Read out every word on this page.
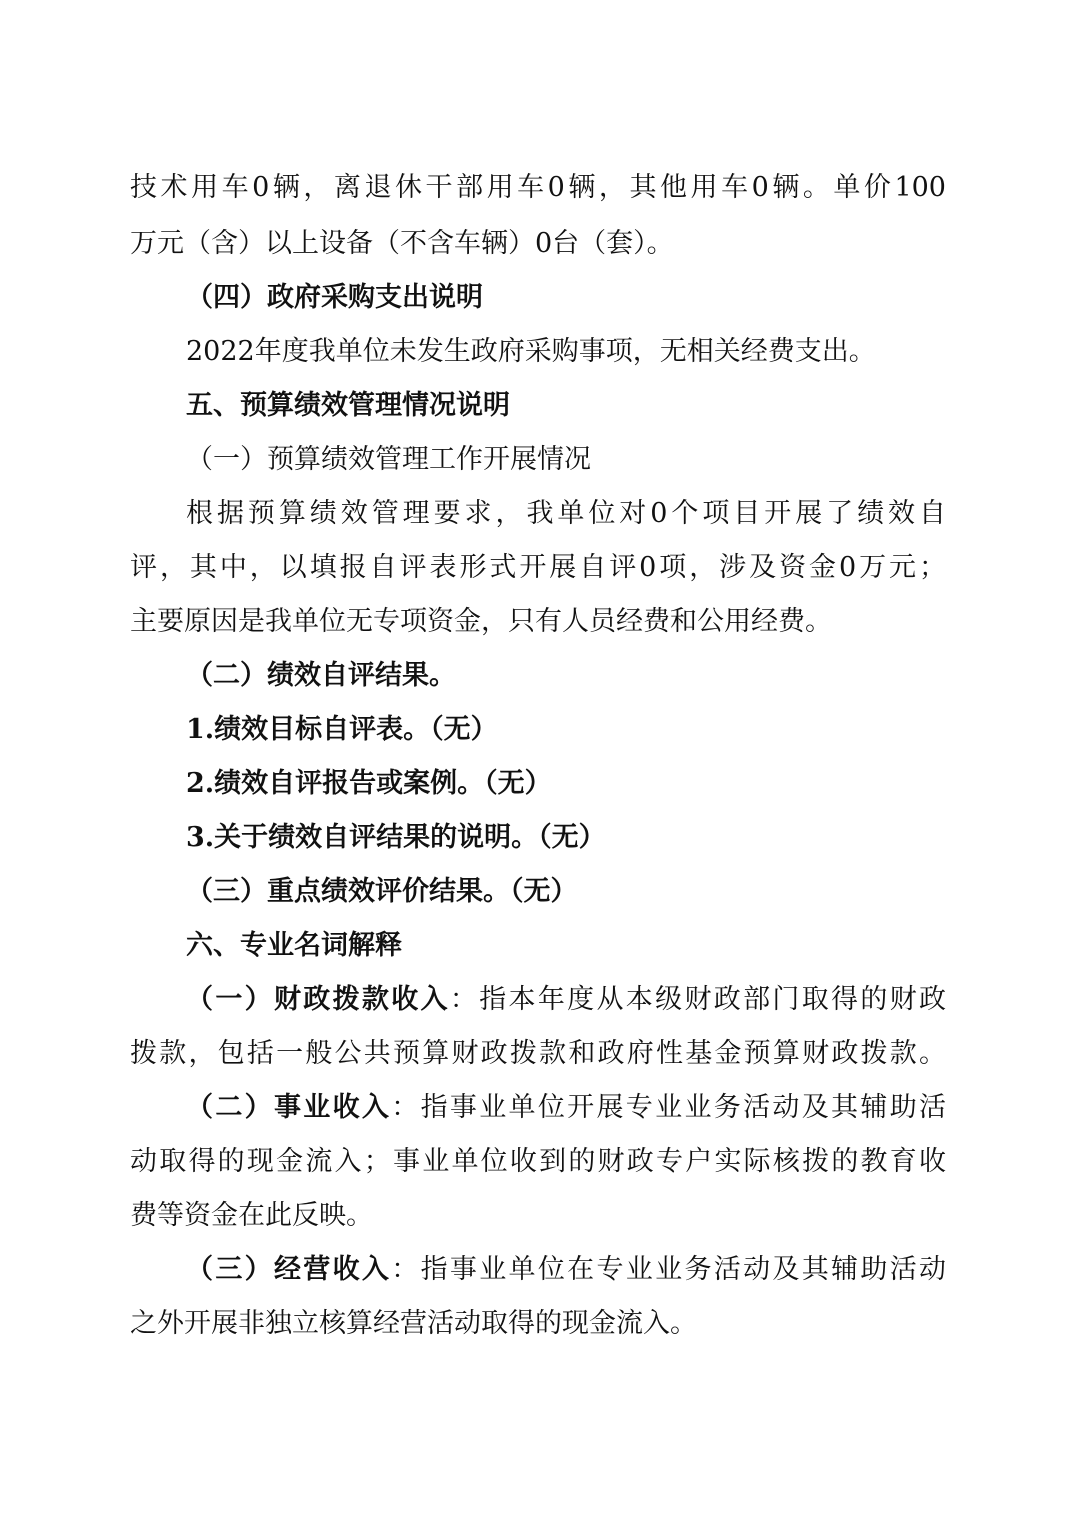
技术用车0辆，离退休干部用车0辆，其他用车0辆。单价100
万元（含）以上设备（不含车辆）0台（套）。
（四）政府采购支出说明
2022年度我单位未发生政府采购事项，无相关经费支出。
五、预算绩效管理情况说明
（一）预算绩效管理工作开展情况
根据预算绩效管理要求，我单位对0个项目开展了绩效自
评，其中，以填报自评表形式开展自评0项，涉及资金0万元；
主要原因是我单位无专项资金，只有人员经费和公用经费。
（二）绩效自评结果。
1.绩效目标自评表。（无）
2.绩效自评报告或案例。（无）
3.关于绩效自评结果的说明。（无）
（三）重点绩效评价结果。（无）
六、专业名词解释
（一）财政拨款收入：指本年度从本级财政部门取得的财政
拨款，包括一般公共预算财政拨款和政府性基金预算财政拨款。
（二）事业收入：指事业单位开展专业业务活动及其辅助活
动取得的现金流入；事业单位收到的财政专户实际核拨的教育收
费等资金在此反映。
（三）经营收入：指事业单位在专业业务活动及其辅助活动
之外开展非独立核算经营活动取得的现金流入。
